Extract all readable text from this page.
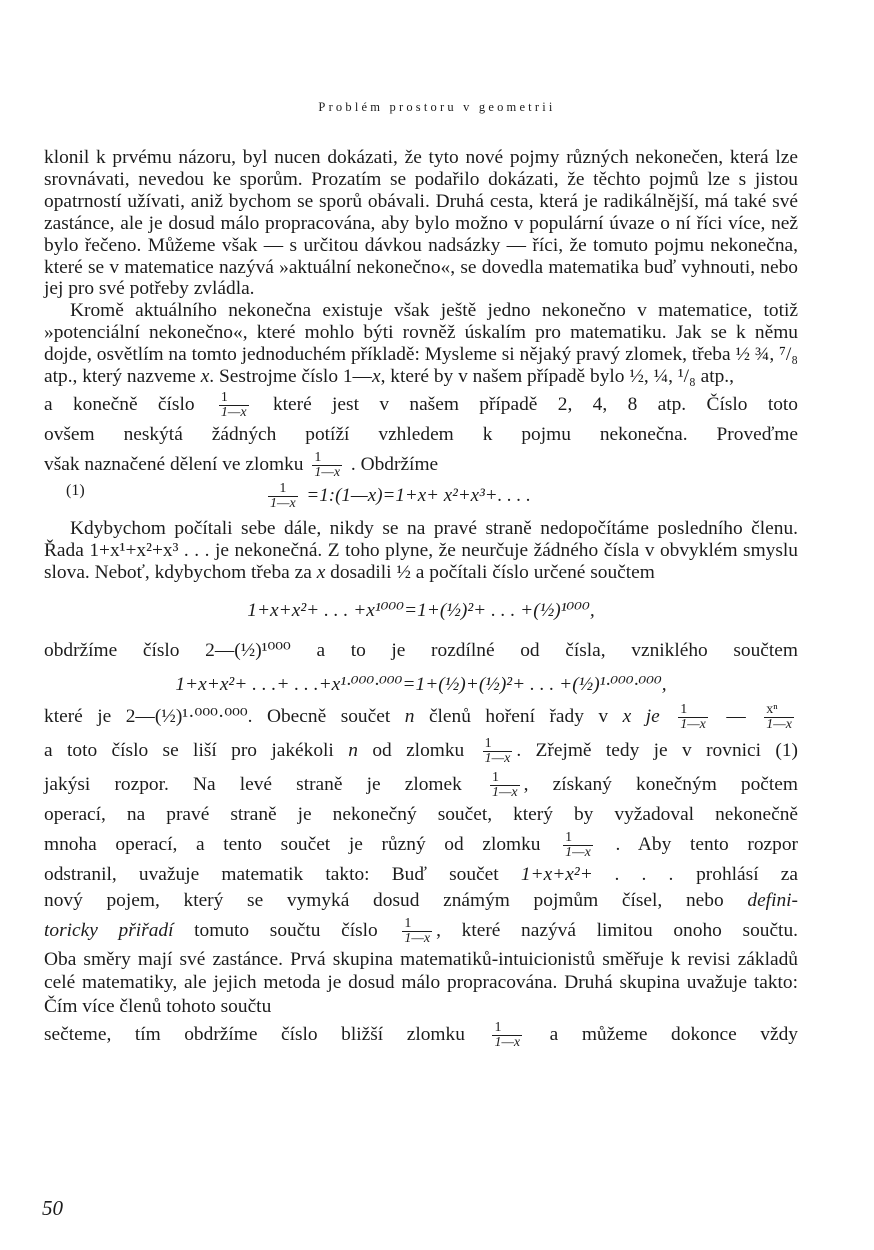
Problém prostoru v geometrii

klonil k prvému názoru, byl nucen dokázati, že tyto nové pojmy různých nekonečen, která lze srovnávati, nevedou ke sporům. Prozatím se podařilo dokázati, že těchto pojmů lze s jistou opatrností užívati, aniž bychom se sporů obávali. Druhá cesta, která je radikálnější, má také své zastánce, ale je dosud málo propracována, aby bylo možno v populární úvaze o ní říci více, než bylo řečeno. Můžeme však — s určitou dávkou nadsázky — říci, že tomuto pojmu nekonečna, které se v matematice nazývá »aktuální nekonečno«, se dovedla matematika buď vyhnouti, nebo jej pro své potřeby zvládla.

Kromě aktuálního nekonečna existuje však ještě jedno nekonečno v matematice, totiž »potenciální nekonečno«, které mohlo býti rovněž úskalím pro matematiku. Jak se k němu dojde, osvětlím na tomto jednoduchém příkladě: Mysleme si nějaký pravý zlomek, třeba ½ ¾, ⁷/₈ atp., který nazveme x. Sestrojme číslo 1—x, které by v našem případě bylo ½, ¼, ¹/₈ atp.,

a konečně číslo $\frac{1}{1—x}$ které jest v našem případě 2, 4, 8 atp. Číslo toto
ovšem neskýtá žádných potíží vzhledem k pojmu nekonečna. Proveďme
však naznačené dělení ve zlomku $\frac{1}{1—x}$ . Obdržíme
(1)	$\frac{1}{1—x}$ =1:(1—x)=1+x+ x²+x³+. . . .

Kdybychom počítali sebe dále, nikdy se na pravé straně nedopočítáme posledního členu. Řada 1+x¹+x²+x³ . . . je nekonečná. Z toho plyne, že neurčuje žádného čísla v obvyklém smyslu slova. Neboť, kdybychom třeba za x dosadili ½ a počítali číslo určené součtem

1+x+x²+ . . . +x¹⁰⁰⁰=1+(½)²+ . . . +(½)¹⁰⁰⁰,
obdržíme číslo 2—(½)¹⁰⁰⁰ a to je rozdílné od čísla, vzniklého součtem
1+x+x²+ . . .+ . . .+x¹·⁰⁰⁰·⁰⁰⁰=1+(½)+(½)²+ . . . +(½)¹·⁰⁰⁰·⁰⁰⁰,
které je 2—(½)¹·⁰⁰⁰·⁰⁰⁰. Obecně součet n členů hoření řady v x je $\frac{1}{1—x}$ — $\frac{\text{xⁿ}}{1—x}$
a toto číslo se liší pro jakékoli n od zlomku $\frac{1}{1—x}$ . Zřejmě tedy je v rovnici (1)
jakýsi rozpor. Na levé straně je zlomek $\frac{1}{1—x}$ , získaný konečným počtem
operací, na pravé straně je nekonečný součet, který by vyžadoval nekonečně
mnoha operací, a tento součet je různý od zlomku $\frac{1}{1—x}$ . Aby tento rozpor
odstranil, uvažuje matematik takto: Buď součet 1+x+x²+ . . . prohlásí za
nový pojem, který se vymyká dosud známým pojmům čísel, nebo defini-
toricky přiřadí tomuto součtu číslo $\frac{1}{1—x}$ , které nazývá limitou onoho součtu.

Oba směry mají své zastánce. Prvá skupina matematiků-intuicionistů směřuje k revisi základů celé matematiky, ale jejich metoda je dosud málo propracována. Druhá skupina uvažuje takto: Čím více členů tohoto součtu

sečteme, tím obdržíme číslo bližší zlomku $\frac{1}{1—x}$ a můžeme dokonce vždy
50
